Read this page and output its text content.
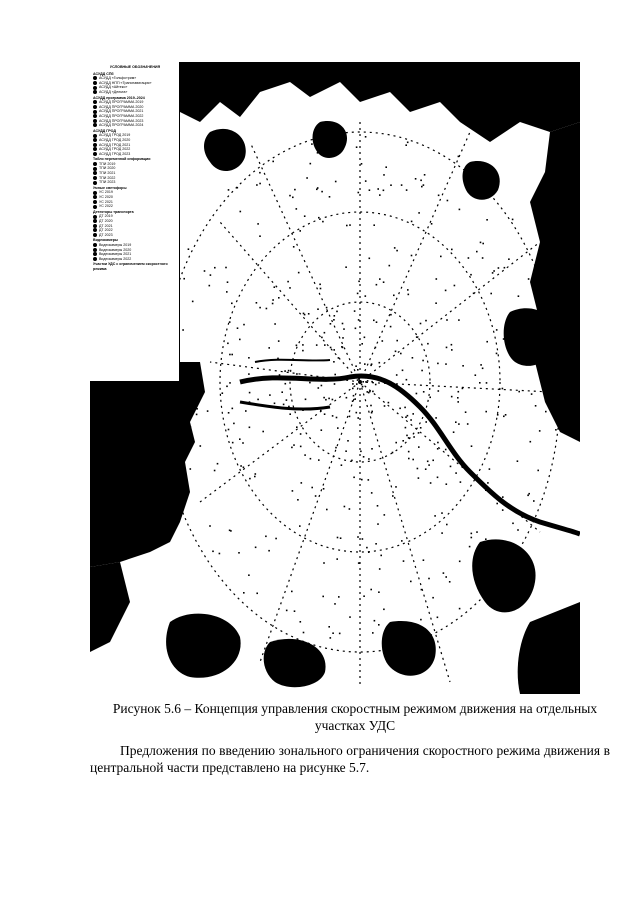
УСЛОВНЫЕ ОБОЗНАЧЕНИЯ
АСУДД СПб
АСУДД «Гольфстрим»
АСУДД НПП «Транснавигация»
АСУДД «Айтеко»
АСУДД «Дельта»
АСУДД программа 2019–2024
АСУДД ПРОГРАММА 2019
АСУДД ПРОГРАММА 2020
АСУДД ПРОГРАММА 2021
АСУДД ПРОГРАММА 2022
АСУДД ПРОГРАММА 2023
АСУДД ПРОГРАММА 2024
АСУДД ГРОД
АСУДД ГРОД 2019
АСУДД ГРОД 2020
АСУДД ГРОД 2021
АСУДД ГРОД 2022
АСУДД ГРОД 2023
Табло переменной информации
ТПИ 2019
ТПИ 2020
ТПИ 2021
ТПИ 2022
ТПИ 2023
Умные светофоры
УС 2019
УС 2020
УС 2021
УС 2022
Детекторы транспорта
ДТ 2019
ДТ 2020
ДТ 2021
ДТ 2022
ДТ 2023
Видеокамеры
Видеокамеры 2019
Видеокамеры 2020
Видеокамеры 2021
Видеокамеры 2022
Участки УДС с ограничением скоростного режима
Рисунок 5.6 – Концепция управления скоростным режимом движения на отдельных
участках УДС
Предложения по введению зонального ограничения скоростного режима движения в
центральной части представлено на рисунке 5.7.
